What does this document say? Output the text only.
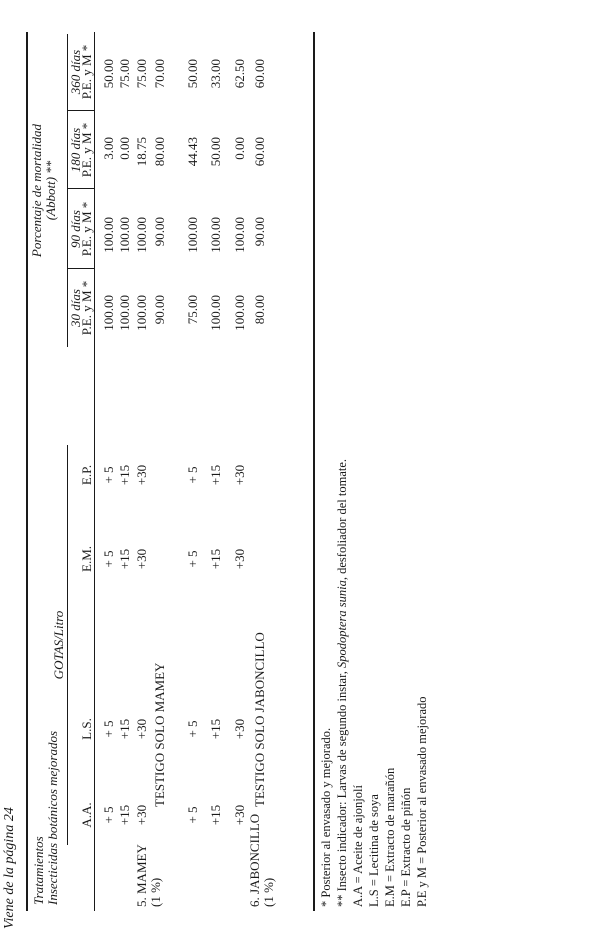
Viene de la página 24 Tratamientos Insecticidas botánicos mejorados
GOTAS/Litro
Porcentaje de mortalidad (Abbott) **
30 días
90 días
180 días
360 días
A.A.
L.S.
E.M.
E.P.
P.E. y M *
P.E. y M *
P.E. y M *
P.E. y M *
5. MAMEY (1 %)	6. JABONCILLO (1 %)
+ 5
+ 5
+ 5
+ 5
100.00
100.00
3.00
50.00
+15
+15
+15
+15
100.00
100.00
0.00
75.00
+30
+30
+30
+30
100.00
100.00
18.75
75.00
TESTIGO SOLO MAMEY
90.00
90.00
80.00
70.00
+ 5
+ 5
+ 5
+ 5
75.00
100.00
44.43
50.00
+15
+15
+15
+15
100.00
100.00
50.00
33.00
+30
+30
+30
+30
100.00
100.00
0.00
62.50
TESTIGO SOLO JABONCILLO
80.00
90.00
60.00
60.00
* Posterior al envasado y mejorado. ** Insecto indicador: Larvas de segundo instar, Spodoptera sunia, desfoliador del tomate.
A.A = Aceite de ajonjolí L.S = Lecitina de soya E.M = Extracto de marañón E.P = Extracto de piñón P.E y M = Posterior al envasado mejorado
